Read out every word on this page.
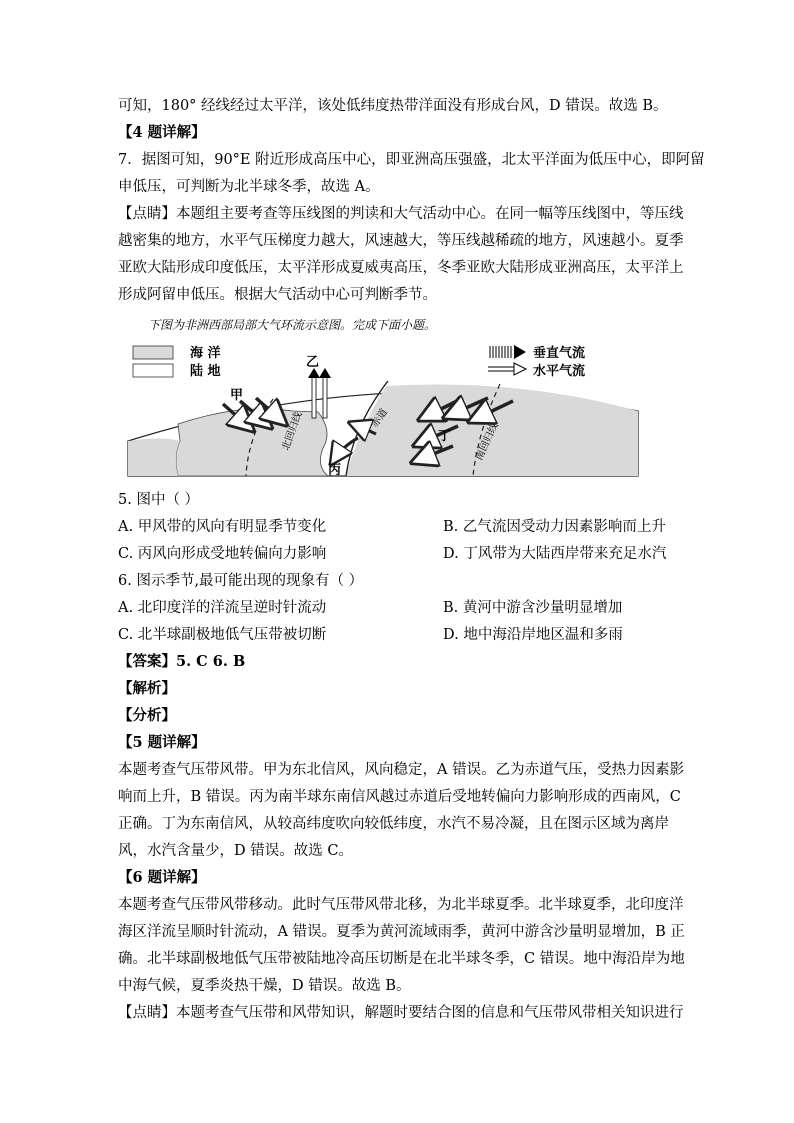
可知，180° 经线经过太平洋，该处低纬度热带洋面没有形成台风，D 错误。故选 B。
【4 题详解】
7．据图可知，90°E 附近形成高压中心，即亚洲高压强盛，北太平洋面为低压中心，即阿留
申低压，可判断为北半球冬季，故选 A。
【点睛】本题组主要考查等压线图的判读和大气活动中心。在同一幅等压线图中，等压线
越密集的地方，水平气压梯度力越大，风速越大，等压线越稀疏的地方，风速越小。夏季
亚欧大陆形成印度低压，太平洋形成夏威夷高压，冬季亚欧大陆形成亚洲高压，太平洋上
形成阿留申低压。根据大气活动中心可判断季节。
下图为非洲西部局部大气环流示意图。完成下面小题。
海 洋
陆 地
垂直气流
水平气流
北回归线	赤道
南回归线
甲
乙
丙
丁
5. 图中（ ）
A. 甲风带的风向有明显季节变化	B. 乙气流因受动力因素影响而上升
C. 丙风向形成受地转偏向力影响	D. 丁风带为大陆西岸带来充足水汽
6. 图示季节,最可能出现的现象有（ ）
A. 北印度洋的洋流呈逆时针流动	B. 黄河中游含沙量明显增加
C. 北半球副极地低气压带被切断	D. 地中海沿岸地区温和多雨
【答案】5. C 6. B
【解析】
【分析】
【5 题详解】
本题考查气压带风带。甲为东北信风，风向稳定，A 错误。乙为赤道气压，受热力因素影
响而上升，B 错误。丙为南半球东南信风越过赤道后受地转偏向力影响形成的西南风，C
正确。丁为东南信风，从较高纬度吹向较低纬度，水汽不易冷凝，且在图示区域为离岸
风，水汽含量少，D 错误。故选 C。
【6 题详解】
本题考查气压带风带移动。此时气压带风带北移，为北半球夏季。北半球夏季，北印度洋
海区洋流呈顺时针流动，A 错误。夏季为黄河流域雨季，黄河中游含沙量明显增加，B 正
确。北半球副极地低气压带被陆地冷高压切断是在北半球冬季，C 错误。地中海沿岸为地
中海气候，夏季炎热干燥，D 错误。故选 B。
【点睛】本题考查气压带和风带知识，解题时要结合图的信息和气压带风带相关知识进行
